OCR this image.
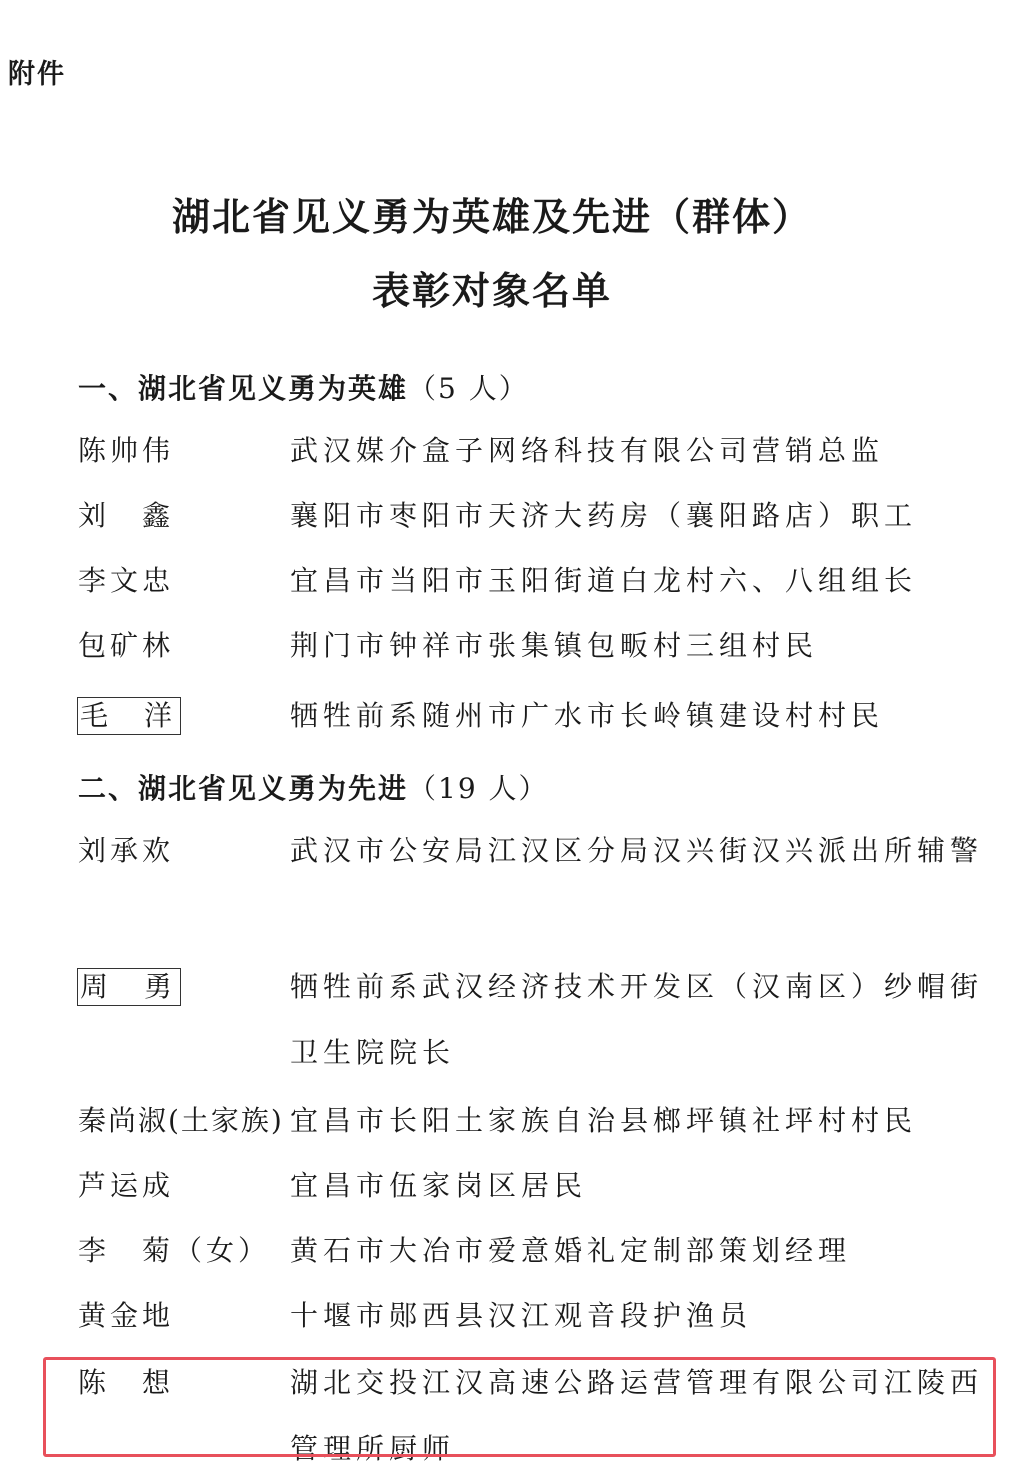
附件
湖北省见义勇为英雄及先进（群体）
表彰对象名单
一、湖北省见义勇为英雄（5 人）
陈帅伟	武汉媒介盒子网络科技有限公司营销总监
刘　鑫	襄阳市枣阳市天济大药房（襄阳路店）职工
李文忠	宜昌市当阳市玉阳街道白龙村六、八组组长
包矿林	荆门市钟祥市张集镇包畈村三组村民
毛　洋	牺牲前系随州市广水市长岭镇建设村村民
二、湖北省见义勇为先进（19 人）
刘承欢	武汉市公安局江汉区分局汉兴街汉兴派出所辅警
周　勇	牺牲前系武汉经济技术开发区（汉南区）纱帽街卫生院院长
秦尚淑(土家族) 宜昌市长阳土家族自治县榔坪镇社坪村村民
芦运成	宜昌市伍家岗区居民
李　菊（女） 黄石市大冶市爱意婚礼定制部策划经理
黄金地	十堰市郧西县汉江观音段护渔员
陈　想	湖北交投江汉高速公路运营管理有限公司江陵西管理所厨师
